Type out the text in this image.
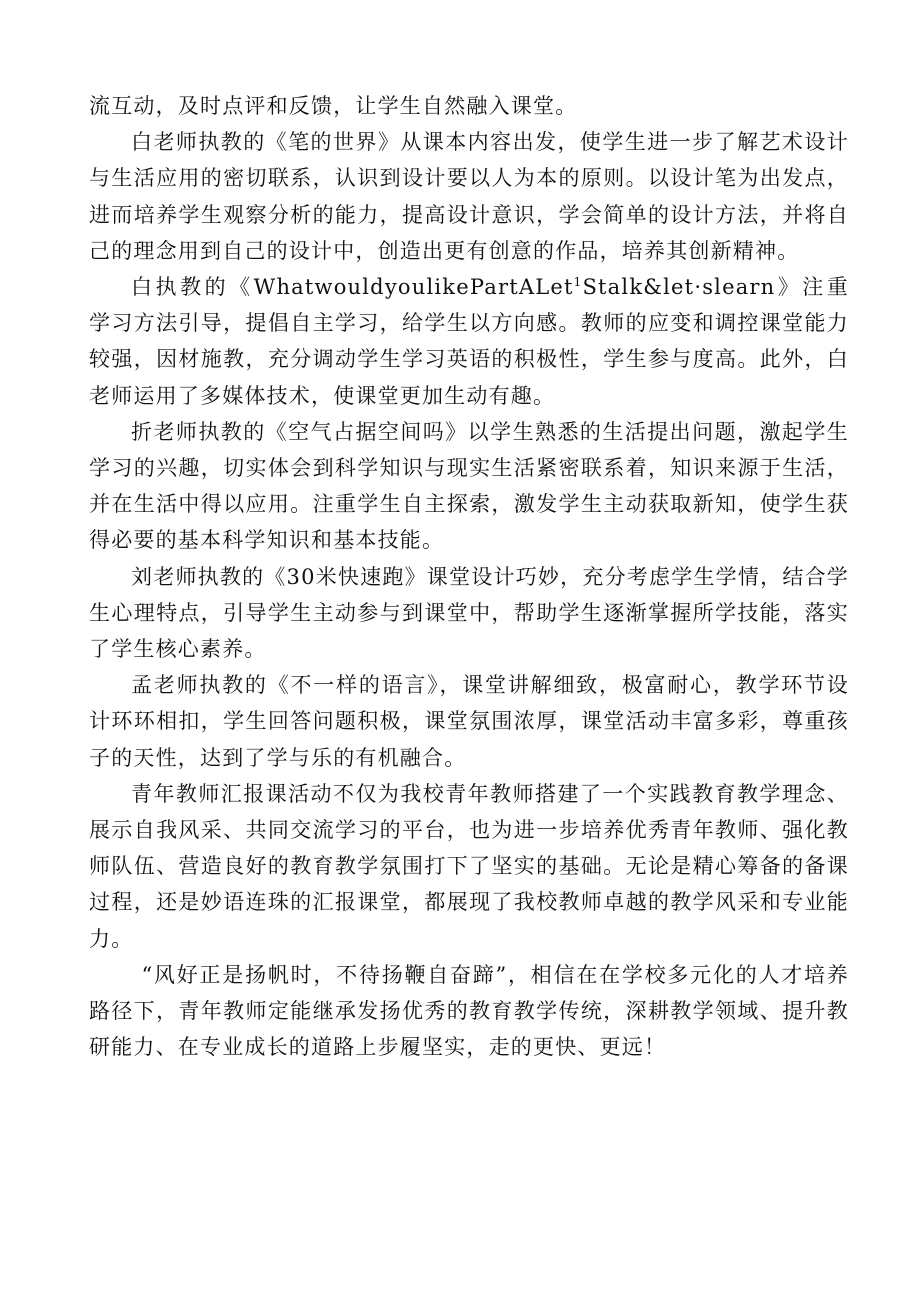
流互动，及时点评和反馈，让学生自然融入课堂。

白老师执教的《笔的世界》从课本内容出发，使学生进一步了解艺术设计与生活应用的密切联系，认识到设计要以人为本的原则。以设计笔为出发点，进而培养学生观察分析的能力，提高设计意识，学会简单的设计方法，并将自己的理念用到自己的设计中，创造出更有创意的作品，培养其创新精神。

白执教的《WhatwouldyoulikePartALet$^1$Stalk&let·slearn》注重学习方法引导，提倡自主学习，给学生以方向感。教师的应变和调控课堂能力较强，因材施教，充分调动学生学习英语的积极性，学生参与度高。此外，白老师运用了多媒体技术，使课堂更加生动有趣。

折老师执教的《空气占据空间吗》以学生熟悉的生活提出问题，激起学生学习的兴趣，切实体会到科学知识与现实生活紧密联系着，知识来源于生活，并在生活中得以应用。注重学生自主探索，激发学生主动获取新知，使学生获得必要的基本科学知识和基本技能。

刘老师执教的《30米快速跑》课堂设计巧妙，充分考虑学生学情，结合学生心理特点，引导学生主动参与到课堂中，帮助学生逐渐掌握所学技能，落实了学生核心素养。

孟老师执教的《不一样的语言》，课堂讲解细致，极富耐心，教学环节设计环环相扣，学生回答问题积极，课堂氛围浓厚，课堂活动丰富多彩，尊重孩子的天性，达到了学与乐的有机融合。

青年教师汇报课活动不仅为我校青年教师搭建了一个实践教育教学理念、展示自我风采、共同交流学习的平台，也为进一步培养优秀青年教师、强化教师队伍、营造良好的教育教学氛围打下了坚实的基础。无论是精心筹备的备课过程，还是妙语连珠的汇报课堂，都展现了我校教师卓越的教学风采和专业能力。

“风好正是扬帆时，不待扬鞭自奋蹄”，相信在在学校多元化的人才培养路径下，青年教师定能继承发扬优秀的教育教学传统，深耕教学领域、提升教研能力、在专业成长的道路上步履坚实，走的更快、更远！
